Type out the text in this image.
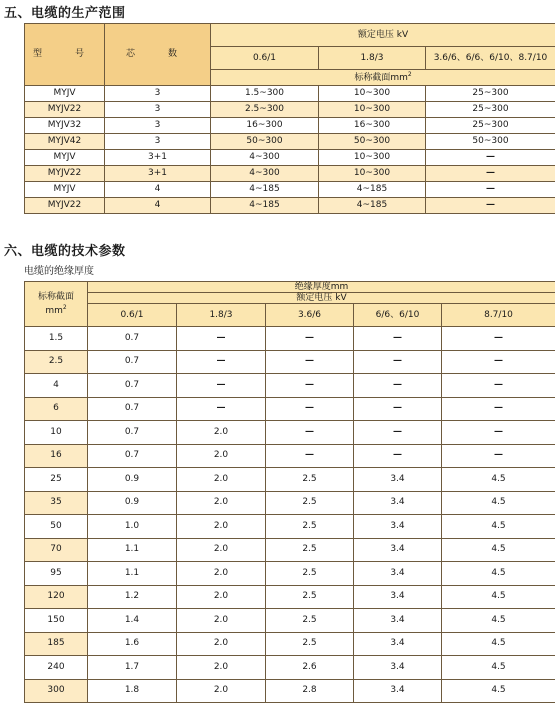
五、电缆的生产范围
型　号	芯　数	额定电压 kV		
		0.6/1	1.8/3	3.6/6、6/6、6/10、8.7/10
		标称截面$mm^2$
MYJV	3	1.5~300	10~300	25~300
MYJV22	3	2.5~300	10~300	25~300
MYJV32	3	16~300	16~300	25~300
MYJV42	3	50~300	50~300	50~300
MYJV	3+1	4~300	10~300	—
MYJV22	3+1	4~300	10~300	—
MYJV	4	4~185	4~185	—
MYJV22	4	4~185	4~185	—
六、电缆的技术参数
电缆的绝缘厚度
标称截面
$mm^2$	绝缘厚度mm				
	额定电压 kV				
	0.6/1	1.8/3	3.6/6	6/6、6/10	8.7/10
1.5	0.7	—	—	—	—
2.5	0.7	—	—	—	—
4	0.7	—	—	—	—
6	0.7	—	—	—	—
10	0.7	2.0	—	—	—
16	0.7	2.0	—	—	—
25	0.9	2.0	2.5	3.4	4.5
35	0.9	2.0	2.5	3.4	4.5
50	1.0	2.0	2.5	3.4	4.5
70	1.1	2.0	2.5	3.4	4.5
95	1.1	2.0	2.5	3.4	4.5
120	1.2	2.0	2.5	3.4	4.5
150	1.4	2.0	2.5	3.4	4.5
185	1.6	2.0	2.5	3.4	4.5
240	1.7	2.0	2.6	3.4	4.5
300	1.8	2.0	2.8	3.4	4.5
